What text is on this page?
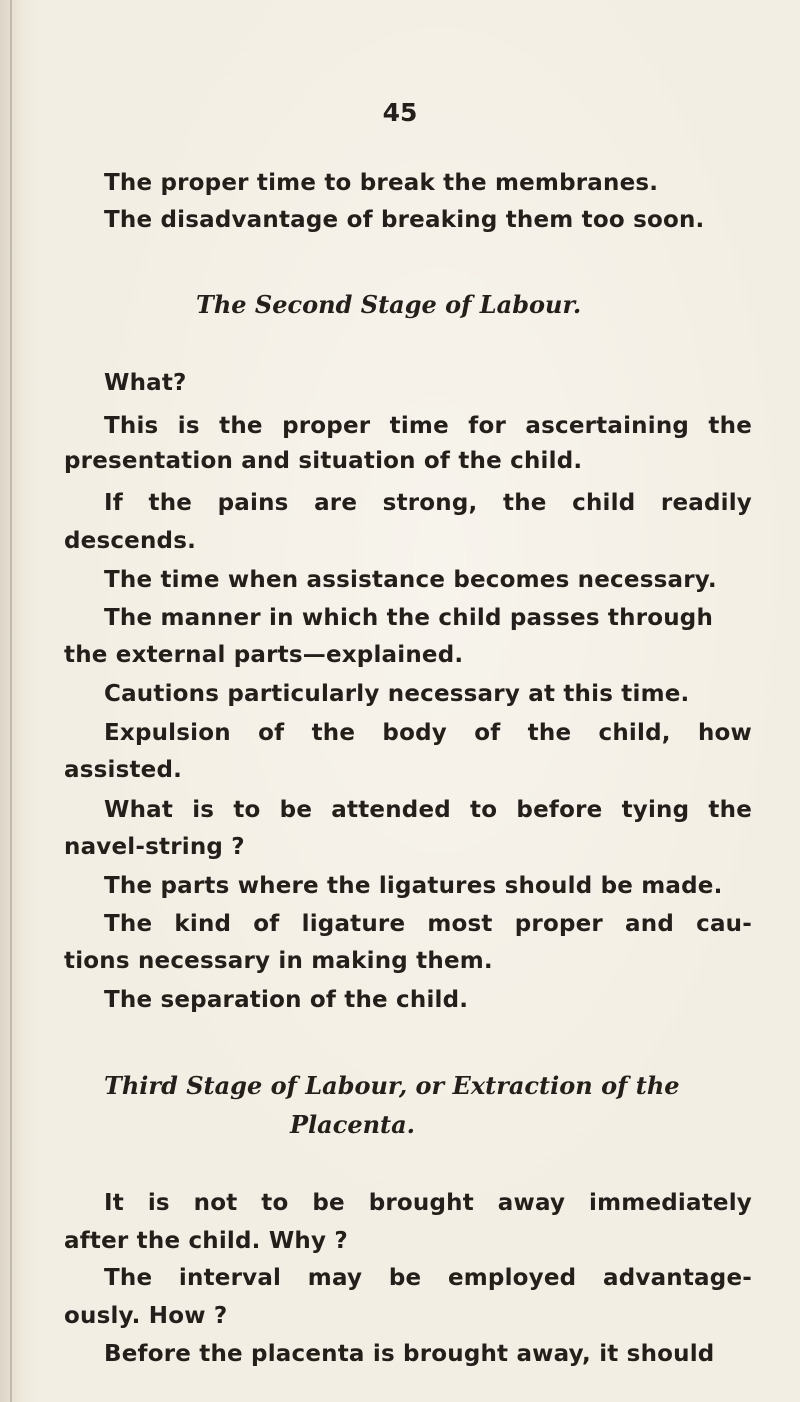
45
The proper time to break the membranes.
The disadvantage of breaking them too soon.
The Second Stage of Labour.
What?
This is the proper time for ascertaining the
presentation and situation of the child.
If the pains are strong, the child readily
descends.
The time when assistance becomes necessary.
The manner in which the child passes through
the external parts—explained.
Cautions particularly necessary at this time.
Expulsion of the body of the child, how
assisted.
What is to be attended to before tying the
navel-string ?
The parts where the ligatures should be made.
The kind of ligature most proper and cau-
tions necessary in making them.
The separation of the child.
Third Stage of Labour, or Extraction of the
Placenta.
It is not to be brought away immediately
after the child. Why ?
The interval may be employed advantage-
ously. How ?
Before the placenta is brought away, it should
